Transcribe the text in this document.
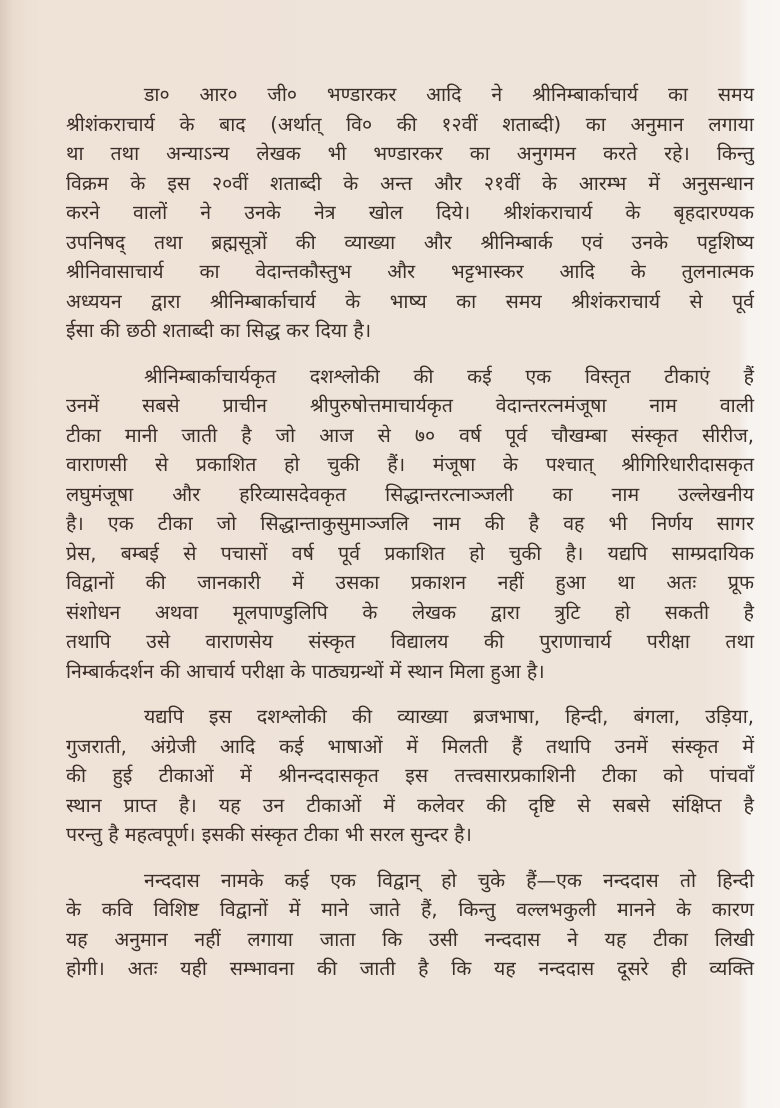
डा० आर० जी० भण्डारकर आदि ने श्रीनिम्बार्काचार्य का समय
श्रीशंकराचार्य के बाद (अर्थात् वि० की १२वीं शताब्दी) का अनुमान लगाया
था तथा अन्याऽन्य लेखक भी भण्डारकर का अनुगमन करते रहे। किन्तु
विक्रम के इस २०वीं शताब्दी के अन्त और २१वीं के आरम्भ में अनुसन्धान
करने वालों ने उनके नेत्र खोल दिये। श्रीशंकराचार्य के बृहदारण्यक
उपनिषद् तथा ब्रह्मसूत्रों की व्याख्या और श्रीनिम्बार्क एवं उनके पट्टशिष्य
श्रीनिवासाचार्य का वेदान्तकौस्तुभ और भट्टभास्कर आदि के तुलनात्मक
अध्ययन द्वारा श्रीनिम्बार्काचार्य के भाष्य का समय श्रीशंकराचार्य से पूर्व
ईसा की छठी शताब्दी का सिद्ध कर दिया है।
श्रीनिम्बार्काचार्यकृत दशश्लोकी की कई एक विस्तृत टीकाएं हैं
उनमें सबसे प्राचीन श्रीपुरुषोत्तमाचार्यकृत वेदान्तरत्नमंजूषा नाम वाली
टीका मानी जाती है जो आज से ७० वर्ष पूर्व चौखम्बा संस्कृत सीरीज,
वाराणसी से प्रकाशित हो चुकी हैं। मंजूषा के पश्चात् श्रीगिरिधारीदासकृत
लघुमंजूषा और हरिव्यासदेवकृत सिद्धान्तरत्नाञ्जली का नाम उल्लेखनीय
है। एक टीका जो सिद्धान्ताकुसुमाञ्जलि नाम की है वह भी निर्णय सागर
प्रेस, बम्बई से पचासों वर्ष पूर्व प्रकाशित हो चुकी है। यद्यपि साम्प्रदायिक
विद्वानों की जानकारी में उसका प्रकाशन नहीं हुआ था अतः प्रूफ
संशोधन अथवा मूलपाण्डुलिपि के लेखक द्वारा त्रुटि हो सकती है
तथापि उसे वाराणसेय संस्कृत विद्यालय की पुराणाचार्य परीक्षा तथा
निम्बार्कदर्शन की आचार्य परीक्षा के पाठ्यग्रन्थों में स्थान मिला हुआ है।
यद्यपि इस दशश्लोकी की व्याख्या ब्रजभाषा, हिन्दी, बंगला, उड़िया,
गुजराती, अंग्रेजी आदि कई भाषाओं में मिलती हैं तथापि उनमें संस्कृत में
की हुई टीकाओं में श्रीनन्ददासकृत इस तत्त्वसारप्रकाशिनी टीका को पांचवाँ
स्थान प्राप्त है। यह उन टीकाओं में कलेवर की दृष्टि से सबसे संक्षिप्त है
परन्तु है महत्वपूर्ण। इसकी संस्कृत टीका भी सरल सुन्दर है।
नन्ददास नामके कई एक विद्वान् हो चुके हैं—एक नन्ददास तो हिन्दी
के कवि विशिष्ट विद्वानों में माने जाते हैं, किन्तु वल्लभकुली मानने के कारण
यह अनुमान नहीं लगाया जाता कि उसी नन्ददास ने यह टीका लिखी
होगी। अतः यही सम्भावना की जाती है कि यह नन्ददास दूसरे ही व्यक्ति
